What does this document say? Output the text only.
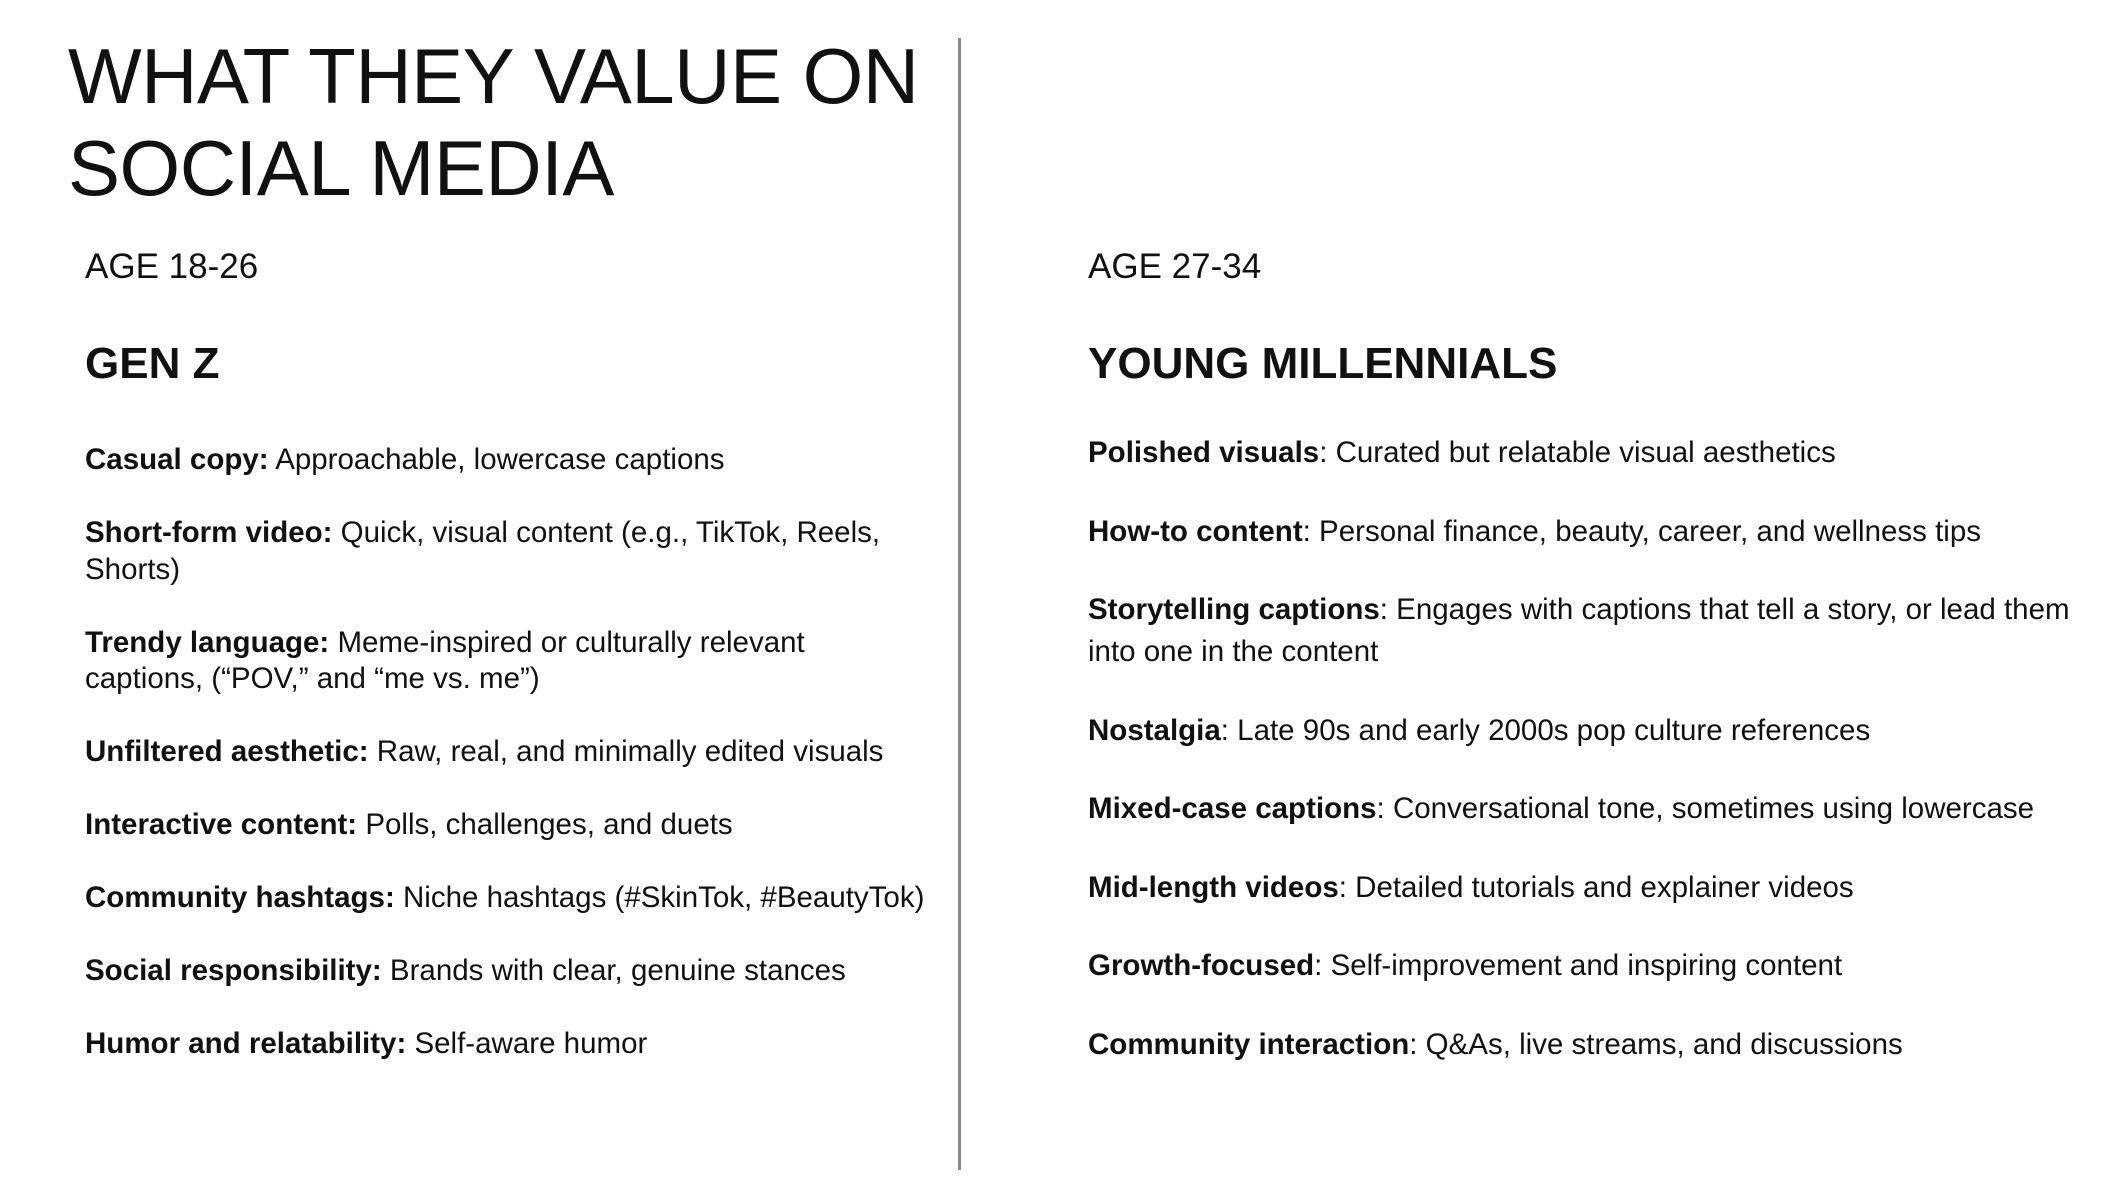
WHAT THEY VALUE ON SOCIAL MEDIA

AGE 18-26

GEN Z
Casual copy: Approachable, lowercase captions
Short-form video: Quick, visual content (e.g., TikTok, Reels, Shorts)
Trendy language: Meme-inspired or culturally relevant captions, (“POV,” and “me vs. me”)
Unfiltered aesthetic: Raw, real, and minimally edited visuals
Interactive content: Polls, challenges, and duets
Community hashtags: Niche hashtags (#SkinTok, #BeautyTok)
Social responsibility: Brands with clear, genuine stances
Humor and relatability: Self-aware humor

AGE 27-34

YOUNG MILLENNIALS
Polished visuals: Curated but relatable visual aesthetics
How-to content: Personal finance, beauty, career, and wellness tips
Storytelling captions: Engages with captions that tell a story, or lead them into one in the content
Nostalgia: Late 90s and early 2000s pop culture references
Mixed-case captions: Conversational tone, sometimes using lowercase
Mid-length videos: Detailed tutorials and explainer videos
Growth-focused: Self-improvement and inspiring content
Community interaction: Q&As, live streams, and discussions
